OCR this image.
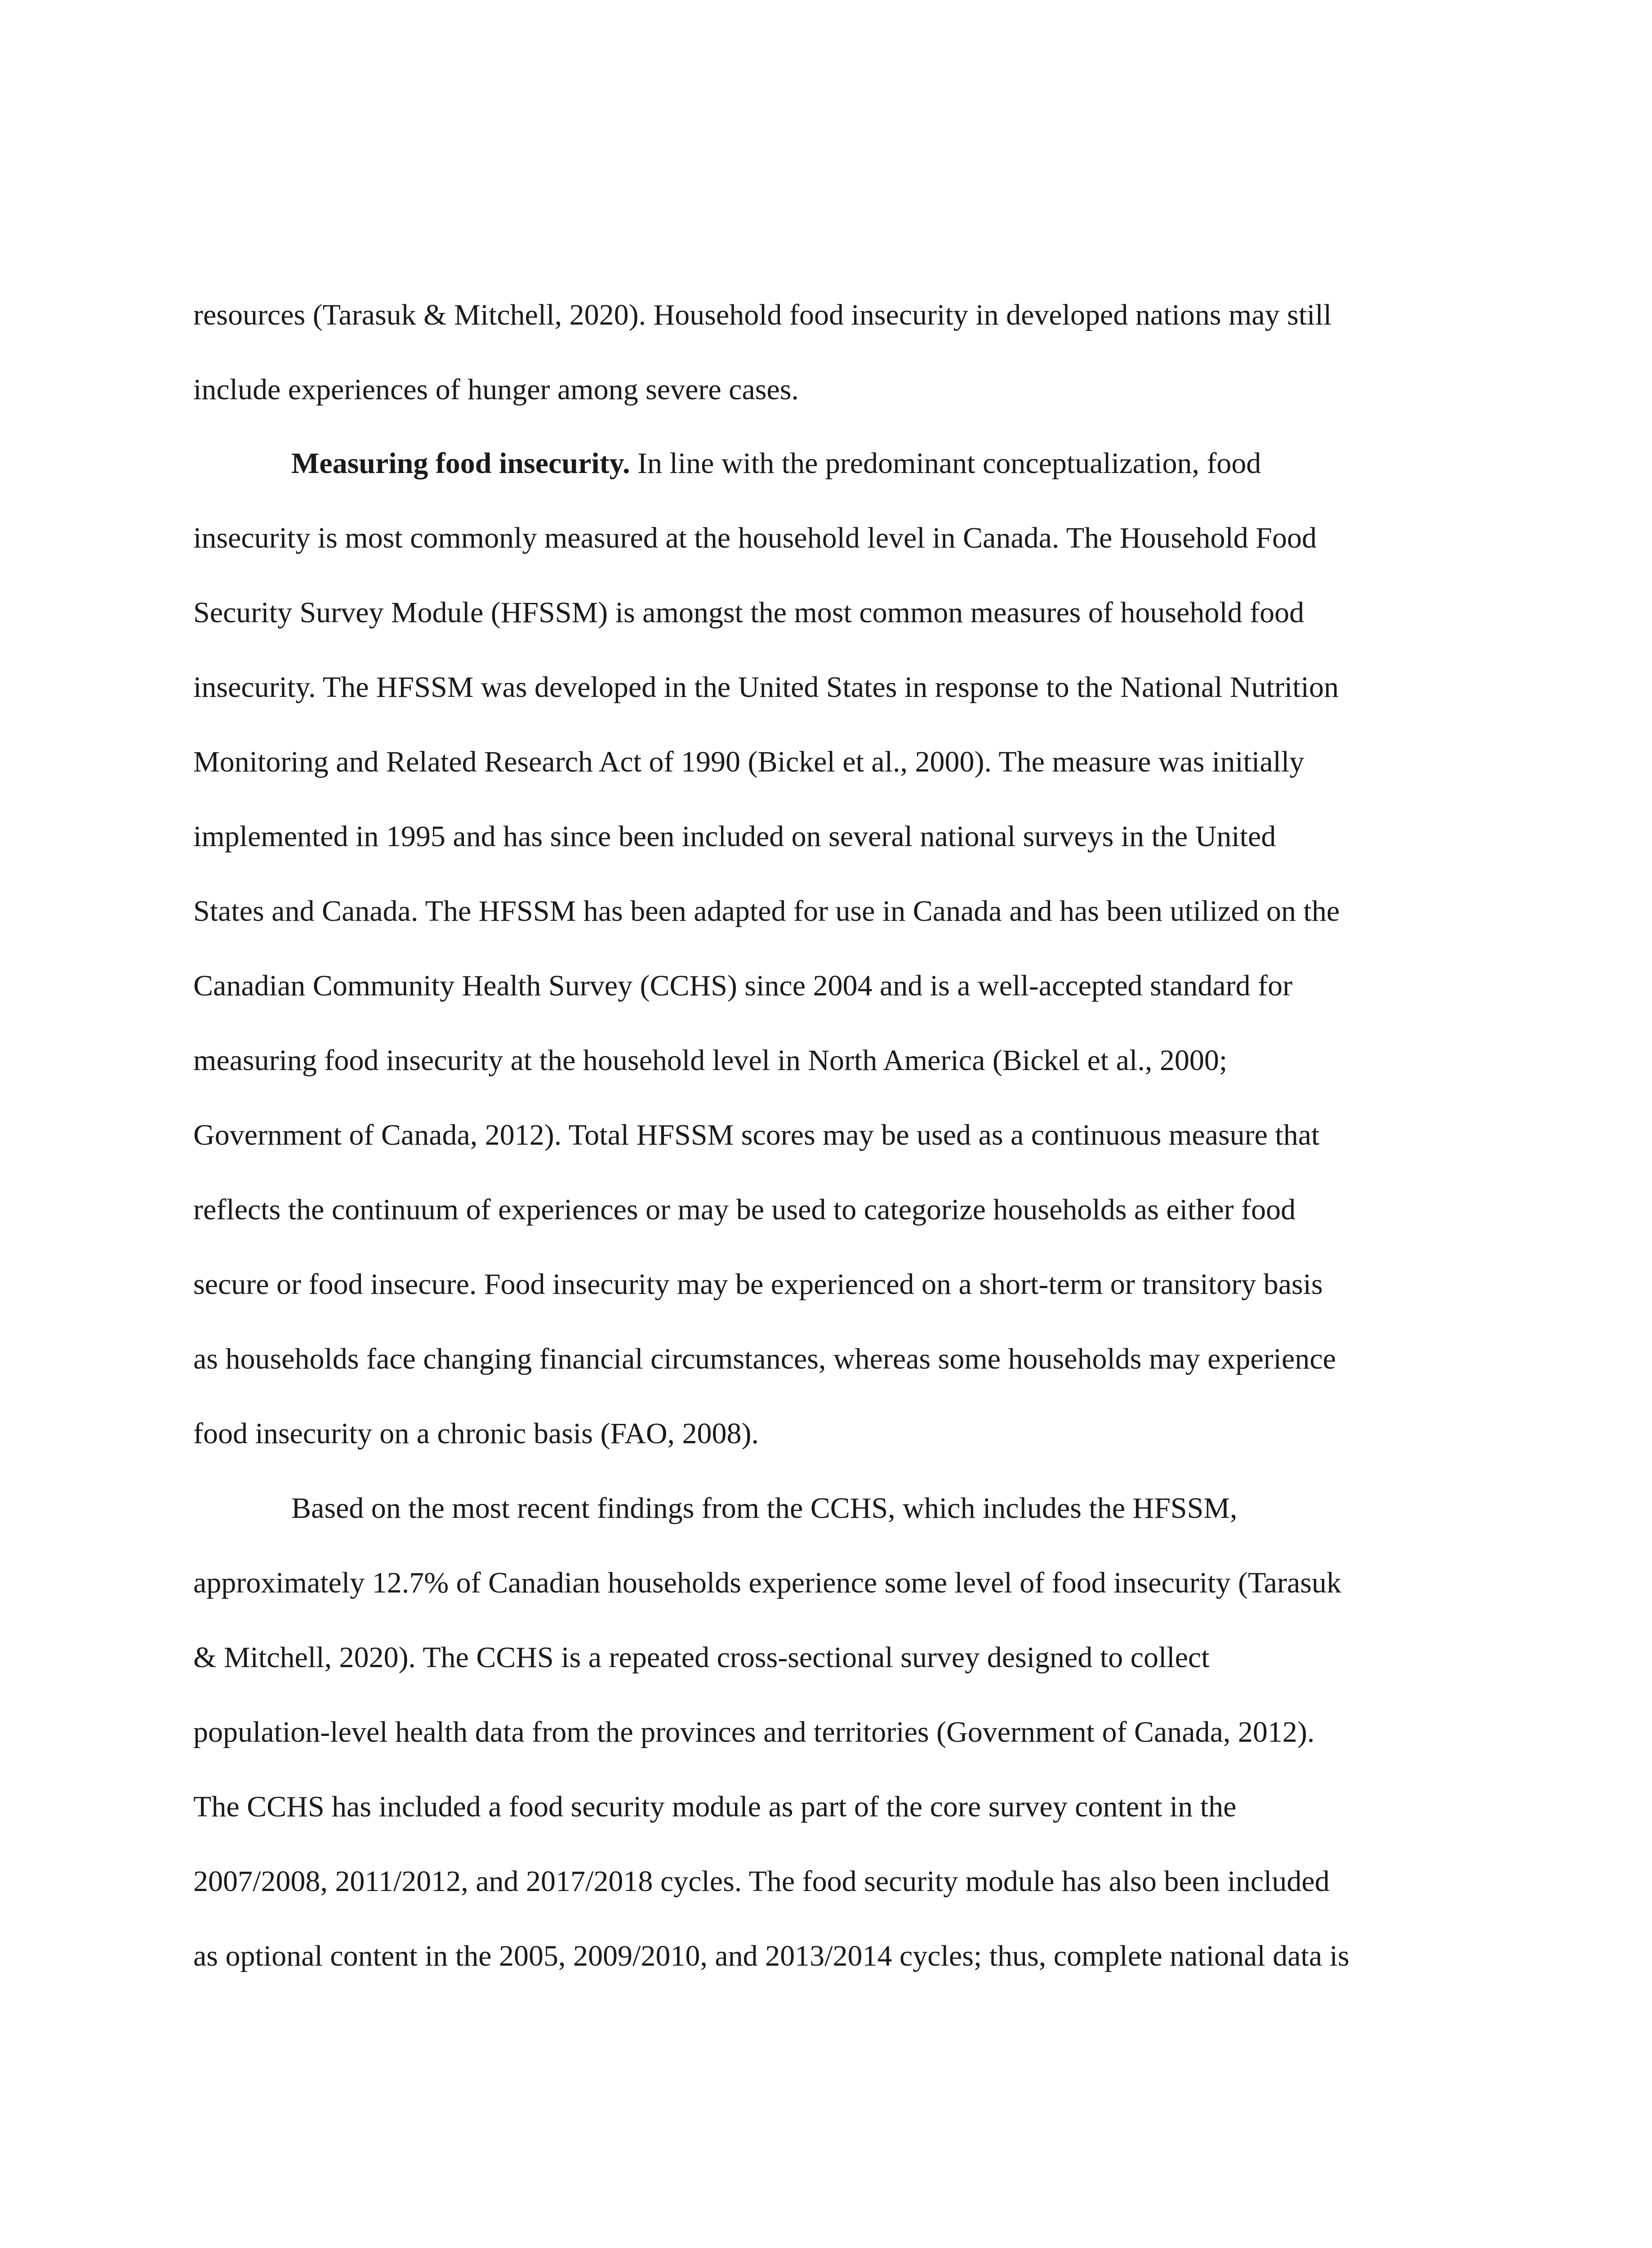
resources (Tarasuk & Mitchell, 2020). Household food insecurity in developed nations may still
include experiences of hunger among severe cases.
Measuring food insecurity. In line with the predominant conceptualization, food
insecurity is most commonly measured at the household level in Canada. The Household Food
Security Survey Module (HFSSM) is amongst the most common measures of household food
insecurity. The HFSSM was developed in the United States in response to the National Nutrition
Monitoring and Related Research Act of 1990 (Bickel et al., 2000). The measure was initially
implemented in 1995 and has since been included on several national surveys in the United
States and Canada. The HFSSM has been adapted for use in Canada and has been utilized on the
Canadian Community Health Survey (CCHS) since 2004 and is a well-accepted standard for
measuring food insecurity at the household level in North America (Bickel et al., 2000;
Government of Canada, 2012). Total HFSSM scores may be used as a continuous measure that
reflects the continuum of experiences or may be used to categorize households as either food
secure or food insecure. Food insecurity may be experienced on a short-term or transitory basis
as households face changing financial circumstances, whereas some households may experience
food insecurity on a chronic basis (FAO, 2008).
Based on the most recent findings from the CCHS, which includes the HFSSM,
approximately 12.7% of Canadian households experience some level of food insecurity (Tarasuk
& Mitchell, 2020). The CCHS is a repeated cross-sectional survey designed to collect
population-level health data from the provinces and territories (Government of Canada, 2012).
The CCHS has included a food security module as part of the core survey content in the
2007/2008, 2011/2012, and 2017/2018 cycles. The food security module has also been included
as optional content in the 2005, 2009/2010, and 2013/2014 cycles; thus, complete national data is
